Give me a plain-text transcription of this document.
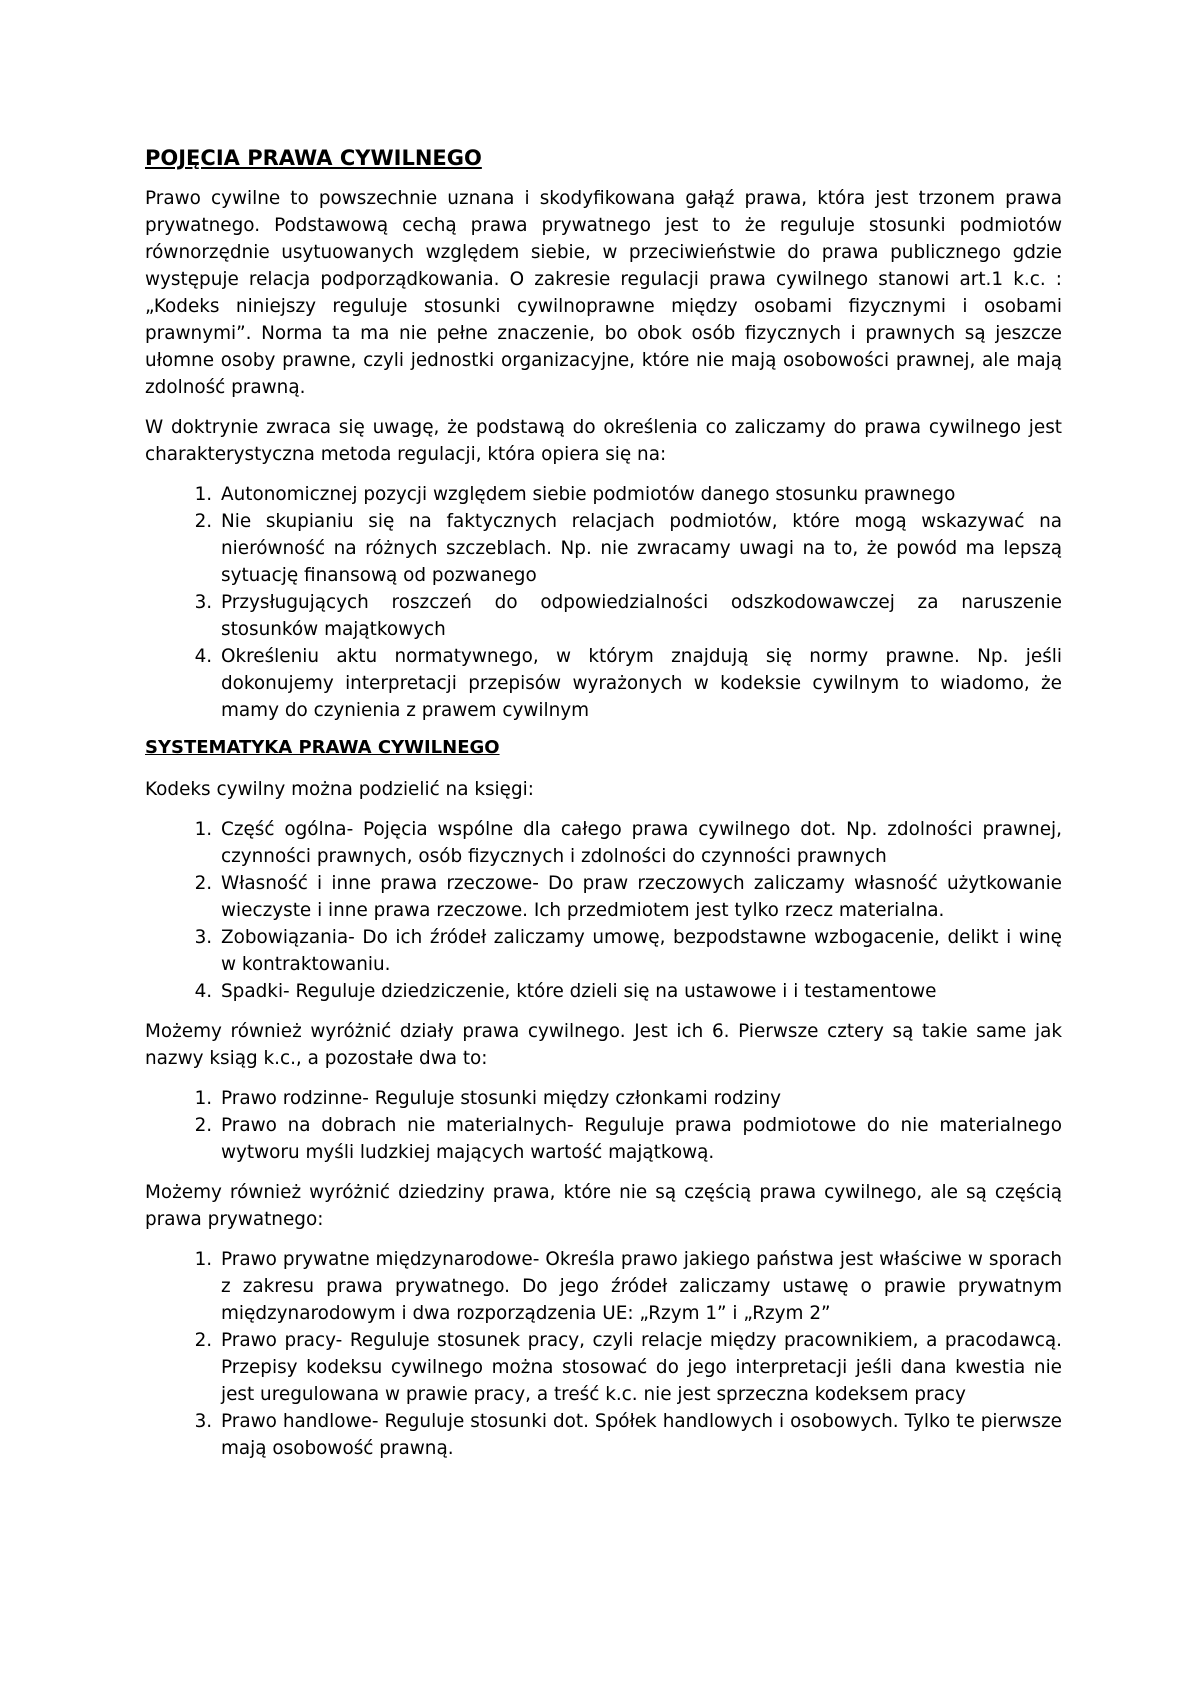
POJĘCIA PRAWA CYWILNEGO

Prawo cywilne to powszechnie uznana i skodyfikowana gałąź prawa, która jest trzonem prawa prywatnego. Podstawową cechą prawa prywatnego jest to że reguluje stosunki podmiotów równorzędnie usytuowanych względem siebie, w przeciwieństwie do prawa publicznego gdzie występuje relacja podporządkowania. O zakresie regulacji prawa cywilnego stanowi art.1 k.c. : „Kodeks niniejszy reguluje stosunki cywilnoprawne między osobami fizycznymi i osobami prawnymi”. Norma ta ma nie pełne znaczenie, bo obok osób fizycznych i prawnych są jeszcze ułomne osoby prawne, czyli jednostki organizacyjne, które nie mają osobowości prawnej, ale mają zdolność prawną.

W doktrynie zwraca się uwagę, że podstawą do określenia co zaliczamy do prawa cywilnego jest charakterystyczna metoda regulacji, która opiera się na:

1. Autonomicznej pozycji względem siebie podmiotów danego stosunku prawnego
2. Nie skupianiu się na faktycznych relacjach podmiotów, które mogą wskazywać na nierówność na różnych szczeblach. Np. nie zwracamy uwagi na to, że powód ma lepszą sytuację finansową od pozwanego
3. Przysługujących roszczeń do odpowiedzialności odszkodowawczej za naruszenie stosunków majątkowych
4. Określeniu aktu normatywnego, w którym znajdują się normy prawne. Np. jeśli dokonujemy interpretacji przepisów wyrażonych w kodeksie cywilnym to wiadomo, że mamy do czynienia z prawem cywilnym
SYSTEMATYKA PRAWA CYWILNEGO

Kodeks cywilny można podzielić na księgi:

1. Część ogólna- Pojęcia wspólne dla całego prawa cywilnego dot. Np. zdolności prawnej, czynności prawnych, osób fizycznych i zdolności do czynności prawnych
2. Własność i inne prawa rzeczowe- Do praw rzeczowych zaliczamy własność użytkowanie wieczyste i inne prawa rzeczowe. Ich przedmiotem jest tylko rzecz materialna.
3. Zobowiązania- Do ich źródeł zaliczamy umowę, bezpodstawne wzbogacenie, delikt i winę w kontraktowaniu.
4. Spadki- Reguluje dziedziczenie, które dzieli się na ustawowe i i testamentowe

Możemy również wyróżnić działy prawa cywilnego. Jest ich 6. Pierwsze cztery są takie same jak nazwy ksiąg k.c., a pozostałe dwa to:

1. Prawo rodzinne- Reguluje stosunki między członkami rodziny
2. Prawo na dobrach nie materialnych- Reguluje prawa podmiotowe do nie materialnego wytworu myśli ludzkiej mających wartość majątkową.

Możemy również wyróżnić dziedziny prawa, które nie są częścią prawa cywilnego, ale są częścią prawa prywatnego:

1. Prawo prywatne międzynarodowe- Określa prawo jakiego państwa jest właściwe w sporach z zakresu prawa prywatnego. Do jego źródeł zaliczamy ustawę o prawie prywatnym międzynarodowym i dwa rozporządzenia UE: „Rzym 1” i „Rzym 2”
2. Prawo pracy- Reguluje stosunek pracy, czyli relacje między pracownikiem, a pracodawcą. Przepisy kodeksu cywilnego można stosować do jego interpretacji jeśli dana kwestia nie jest uregulowana w prawie pracy, a treść k.c. nie jest sprzeczna kodeksem pracy
3. Prawo handlowe- Reguluje stosunki dot. Spółek handlowych i osobowych. Tylko te pierwsze mają osobowość prawną.
